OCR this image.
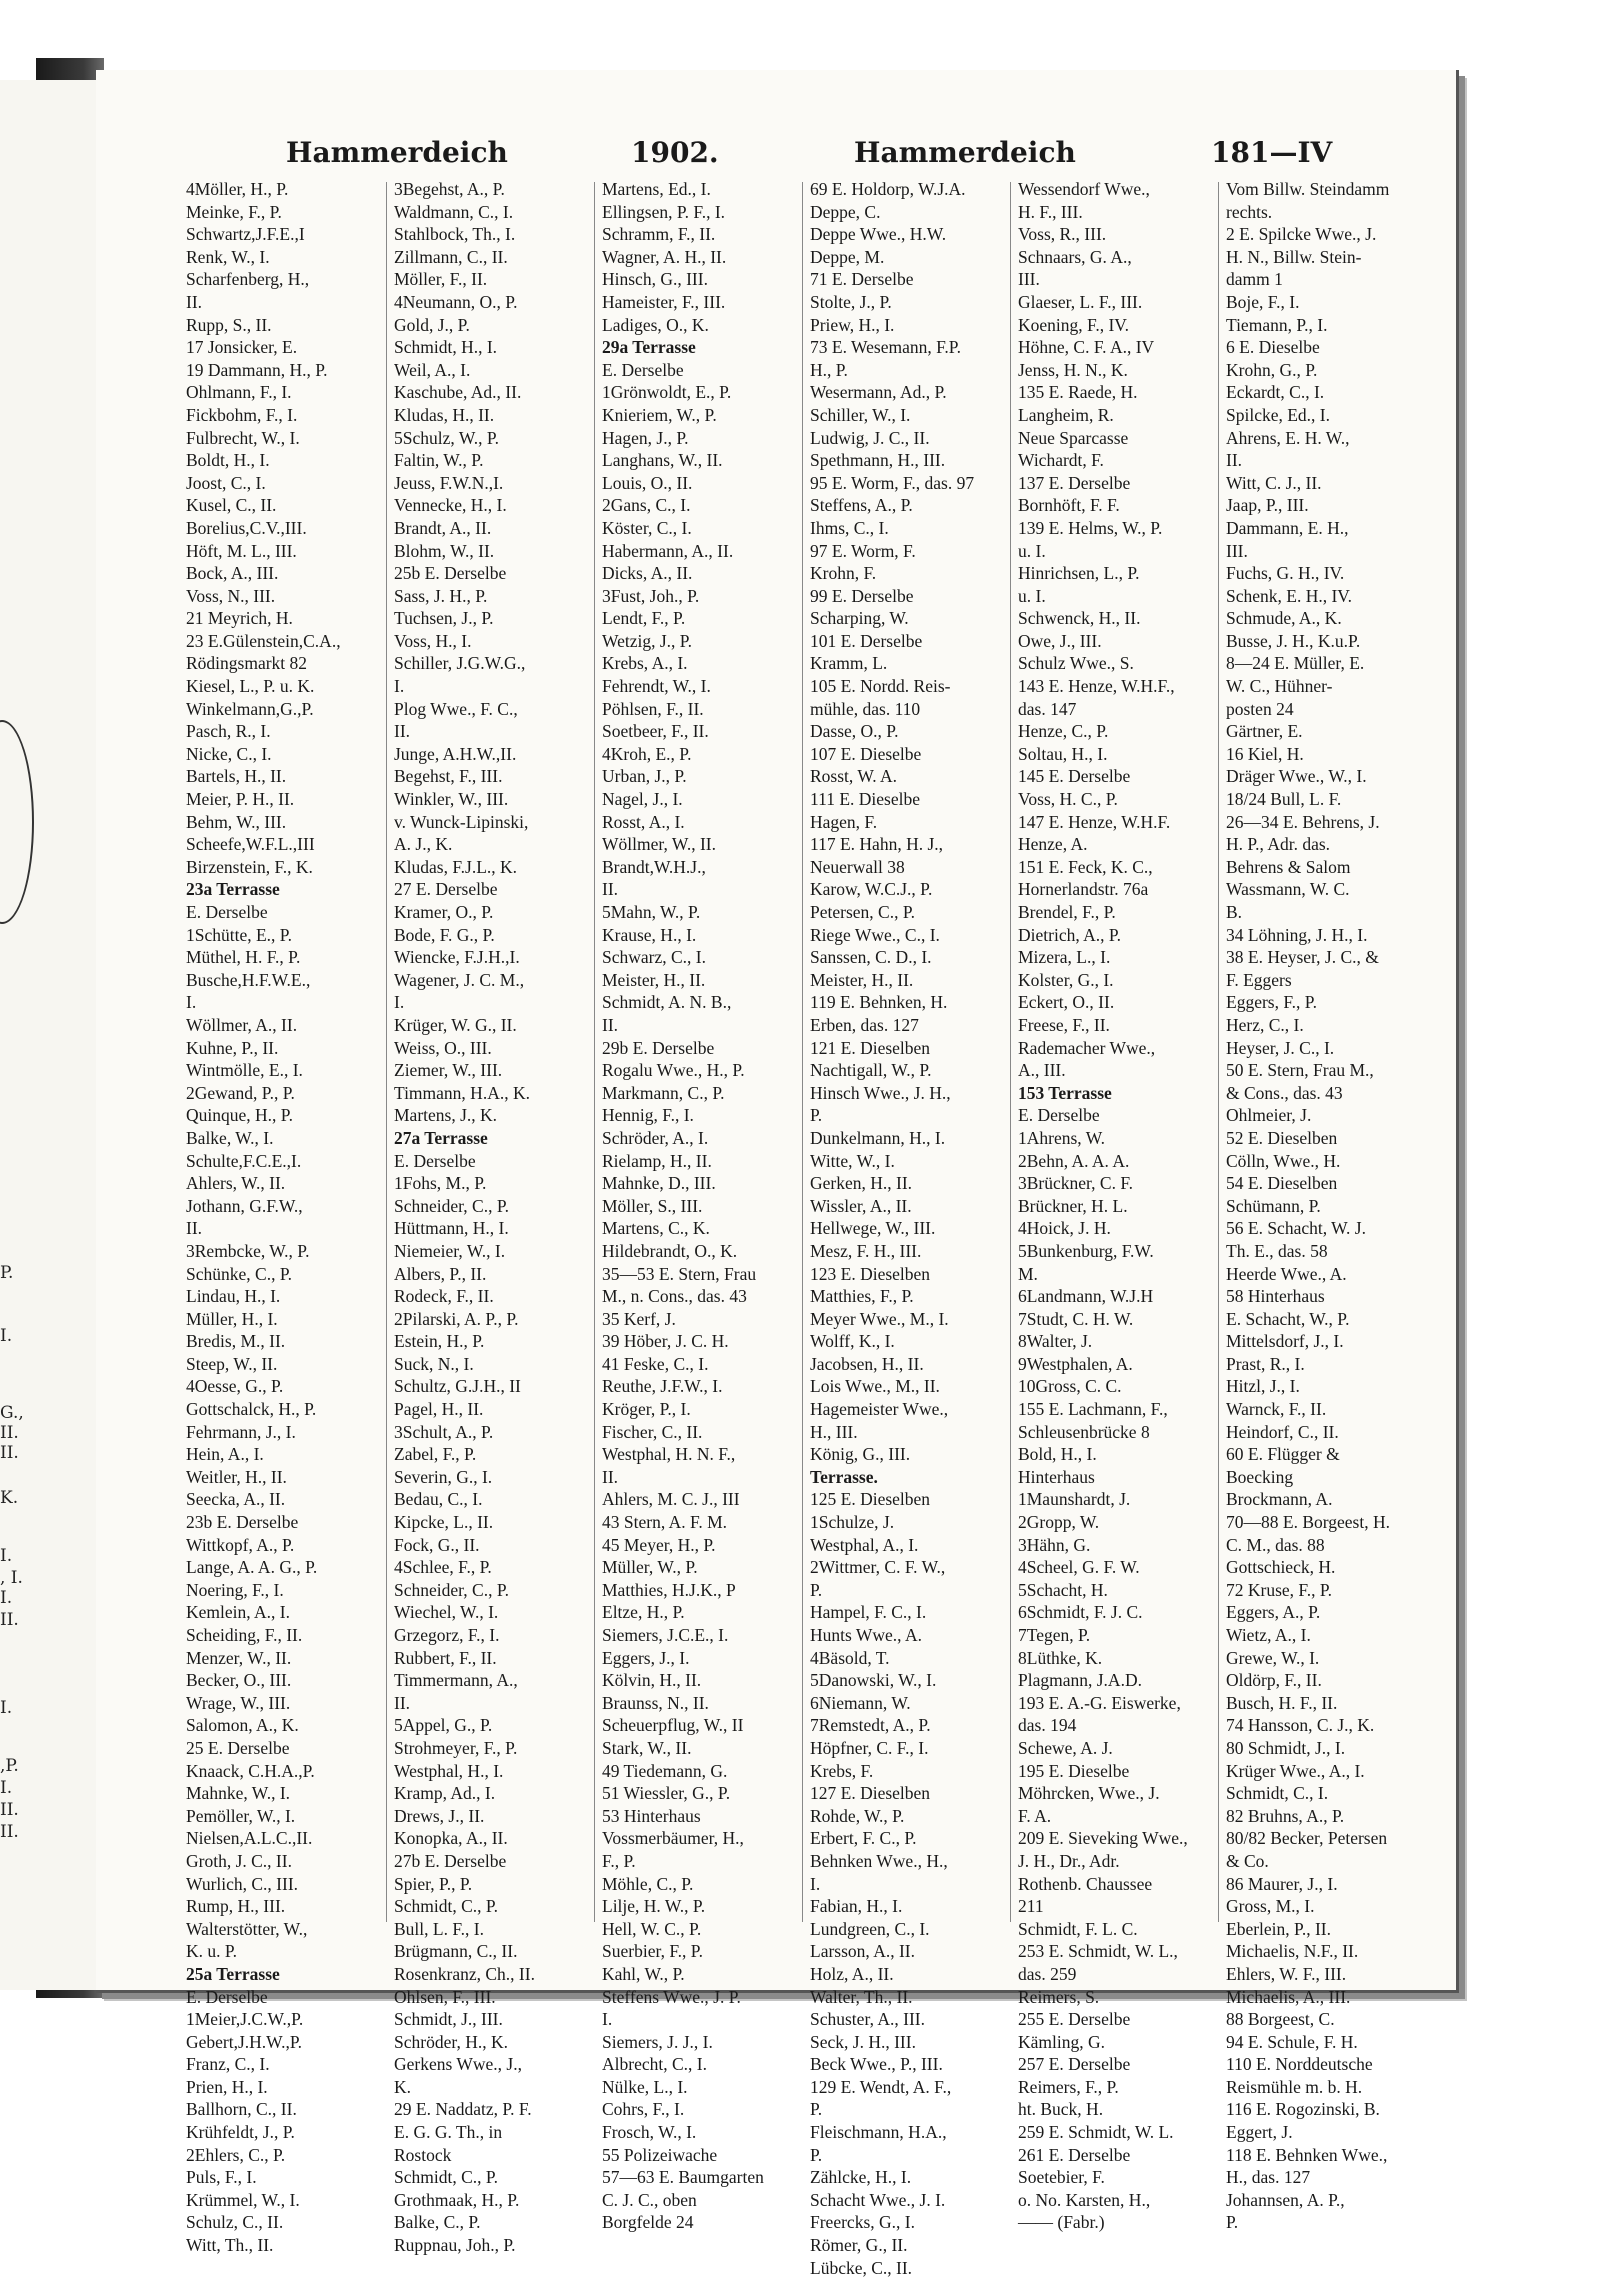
P.
I.
G.,
II.
II.
K.
I.
, I.
I.
II.
I.
,P.
I.
II.
II.
Hammerdeich	1902.	Hammerdeich	181—IV
4Möller, H., P.
Meinke, F., P.
Schwartz,J.F.E.,I
Renk, W., I.
Scharfenberg, H.,
II.
Rupp, S., II.
17 Jonsicker, E.
19 Dammann, H., P.
Ohlmann, F., I.
Fickbohm, F., I.
Fulbrecht, W., I.
Boldt, H., I.
Joost, C., I.
Kusel, C., II.
Borelius,C.V.,III.
Höft, M. L., III.
Bock, A., III.
Voss, N., III.
21 Meyrich, H.
23 E.Gülenstein,C.A.,
Rödingsmarkt 82
Kiesel, L., P. u. K.
Winkelmann,G.,P.
Pasch, R., I.
Nicke, C., I.
Bartels, H., II.
Meier, P. H., II.
Behm, W., III.
Scheefe,W.F.L.,III
Birzenstein, F., K.
23a Terrasse
E. Derselbe
1Schütte, E., P.
Müthel, H. F., P.
Busche,H.F.W.E.,
I.
Wöllmer, A., II.
Kuhne, P., II.
Wintmölle, E., I.
2Gewand, P., P.
Quinque, H., P.
Balke, W., I.
Schulte,F.C.E.,I.
Ahlers, W., II.
Jothann, G.F.W.,
II.
3Rembcke, W., P.
Schünke, C., P.
Lindau, H., I.
Müller, H., I.
Bredis, M., II.
Steep, W., II.
4Oesse, G., P.
Gottschalck, H., P.
Fehrmann, J., I.
Hein, A., I.
Weitler, H., II.
Seecka, A., II.
23b E. Derselbe
Wittkopf, A., P.
Lange, A. A. G., P.
Noering, F., I.
Kemlein, A., I.
Scheiding, F., II.
Menzer, W., II.
Becker, O., III.
Wrage, W., III.
Salomon, A., K.
25 E. Derselbe
Knaack, C.H.A.,P.
Mahnke, W., I.
Pemöller, W., I.
Nielsen,A.L.C.,II.
Groth, J. C., II.
Wurlich, C., III.
Rump, H., III.
Walterstötter, W.,
K. u. P.
25a Terrasse
E. Derselbe
1Meier,J.C.W.,P.
Gebert,J.H.W.,P.
Franz, C., I.
Prien, H., I.
Ballhorn, C., II.
Krühfeldt, J., P.
2Ehlers, C., P.
Puls, F., I.
Krümmel, W., I.
Schulz, C., II.
Witt, Th., II.
3Begehst, A., P.
Waldmann, C., I.
Stahlbock, Th., I.
Zillmann, C., II.
Möller, F., II.
4Neumann, O., P.
Gold, J., P.
Schmidt, H., I.
Weil, A., I.
Kaschube, Ad., II.
Kludas, H., II.
5Schulz, W., P.
Faltin, W., P.
Jeuss, F.W.N.,I.
Vennecke, H., I.
Brandt, A., II.
Blohm, W., II.
25b E. Derselbe
Sass, J. H., P.
Tuchsen, J., P.
Voss, H., I.
Schiller, J.G.W.G.,
I.
Plog Wwe., F. C.,
II.
Junge, A.H.W.,II.
Begehst, F., III.
Winkler, W., III.
v. Wunck-Lipinski,
A. J., K.
Kludas, F.J.L., K.
27 E. Derselbe
Kramer, O., P.
Bode, F. G., P.
Wiencke, F.J.H.,I.
Wagener, J. C. M.,
I.
Krüger, W. G., II.
Weiss, O., III.
Ziemer, W., III.
Timmann, H.A., K.
Martens, J., K.
27a Terrasse
E. Derselbe
1Fohs, M., P.
Schneider, C., P.
Hüttmann, H., I.
Niemeier, W., I.
Albers, P., II.
Rodeck, F., II.
2Pilarski, A. P., P.
Estein, H., P.
Suck, N., I.
Schultz, G.J.H., II
Pagel, H., II.
3Schult, A., P.
Zabel, F., P.
Severin, G., I.
Bedau, C., I.
Kipcke, L., II.
Fock, G., II.
4Schlee, F., P.
Schneider, C., P.
Wiechel, W., I.
Grzegorz, F., I.
Rubbert, F., II.
Timmermann, A.,
II.
5Appel, G., P.
Strohmeyer, F., P.
Westphal, H., I.
Kramp, Ad., I.
Drews, J., II.
Konopka, A., II.
27b E. Derselbe
Spier, P., P.
Schmidt, C., P.
Bull, L. F., I.
Brügmann, C., II.
Rosenkranz, Ch., II.
Ohlsen, F., III.
Schmidt, J., III.
Schröder, H., K.
Gerkens Wwe., J.,
K.
29 E. Naddatz, P. F.
E. G. G. Th., in
Rostock
Schmidt, C., P.
Grothmaak, H., P.
Balke, C., P.
Ruppnau, Joh., P.
Martens, Ed., I.
Ellingsen, P. F., I.
Schramm, F., II.
Wagner, A. H., II.
Hinsch, G., III.
Hameister, F., III.
Ladiges, O., K.
29a Terrasse
E. Derselbe
1Grönwoldt, E., P.
Knieriem, W., P.
Hagen, J., P.
Langhans, W., II.
Louis, O., II.
2Gans, C., I.
Köster, C., I.
Habermann, A., II.
Dicks, A., II.
3Fust, Joh., P.
Lendt, F., P.
Wetzig, J., P.
Krebs, A., I.
Fehrendt, W., I.
Pöhlsen, F., II.
Soetbeer, F., II.
4Kroh, E., P.
Urban, J., P.
Nagel, J., I.
Rosst, A., I.
Wöllmer, W., II.
Brandt,W.H.J.,
II.
5Mahn, W., P.
Krause, H., I.
Schwarz, C., I.
Meister, H., II.
Schmidt, A. N. B.,
II.
29b E. Derselbe
Rogalu Wwe., H., P.
Markmann, C., P.
Hennig, F., I.
Schröder, A., I.
Rielamp, H., II.
Mahnke, D., III.
Möller, S., III.
Martens, C., K.
Hildebrandt, O., K.
35—53 E. Stern, Frau
M., n. Cons., das. 43
35 Kerf, J.
39 Höber, J. C. H.
41 Feske, C., I.
Reuthe, J.F.W., I.
Kröger, P., I.
Fischer, C., II.
Westphal, H. N. F.,
II.
Ahlers, M. C. J., III
43 Stern, A. F. M.
45 Meyer, H., P.
Müller, W., P.
Matthies, H.J.K., P
Eltze, H., P.
Siemers, J.C.E., I.
Eggers, J., I.
Kölvin, H., II.
Braunss, N., II.
Scheuerpflug, W., II
Stark, W., II.
49 Tiedemann, G.
51 Wiessler, G., P.
53 Hinterhaus
Vossmerbäumer, H.,
F., P.
Möhle, C., P.
Lilje, H. W., P.
Hell, W. C., P.
Suerbier, F., P.
Kahl, W., P.
Steffens Wwe., J. P.
I.
Siemers, J. J., I.
Albrecht, C., I.
Nülke, L., I.
Cohrs, F., I.
Frosch, W., I.
55 Polizeiwache
57—63 E. Baumgarten
C. J. C., oben
Borgfelde 24
69 E. Holdorp, W.J.A.
Deppe, C.
Deppe Wwe., H.W.
Deppe, M.
71 E. Derselbe
Stolte, J., P.
Priew, H., I.
73 E. Wesemann, F.P.
H., P.
Wesermann, Ad., P.
Schiller, W., I.
Ludwig, J. C., II.
Spethmann, H., III.
95 E. Worm, F., das. 97
Steffens, A., P.
Ihms, C., I.
97 E. Worm, F.
Krohn, F.
99 E. Derselbe
Scharping, W.
101 E. Derselbe
Kramm, L.
105 E. Nordd. Reis-
mühle, das. 110
Dasse, O., P.
107 E. Dieselbe
Rosst, W. A.
111 E. Dieselbe
Hagen, F.
117 E. Hahn, H. J.,
Neuerwall 38
Karow, W.C.J., P.
Petersen, C., P.
Riege Wwe., C., I.
Sanssen, C. D., I.
Meister, H., II.
119 E. Behnken, H.
Erben, das. 127
121 E. Dieselben
Nachtigall, W., P.
Hinsch Wwe., J. H.,
P.
Dunkelmann, H., I.
Witte, W., I.
Gerken, H., II.
Wissler, A., II.
Hellwege, W., III.
Mesz, F. H., III.
123 E. Dieselben
Matthies, F., P.
Meyer Wwe., M., I.
Wolff, K., I.
Jacobsen, H., II.
Lois Wwe., M., II.
Hagemeister Wwe.,
H., III.
König, G., III.
Terrasse.
125 E. Dieselben
1Schulze, J.
Westphal, A., I.
2Wittmer, C. F. W.,
P.
Hampel, F. C., I.
Hunts Wwe., A.
4Bäsold, T.
5Danowski, W., I.
6Niemann, W.
7Remstedt, A., P.
Höpfner, C. F., I.
Krebs, F.
127 E. Dieselben
Rohde, W., P.
Erbert, F. C., P.
Behnken Wwe., H.,
I.
Fabian, H., I.
Lundgreen, C., I.
Larsson, A., II.
Holz, A., II.
Walter, Th., II.
Schuster, A., III.
Seck, J. H., III.
Beck Wwe., P., III.
129 E. Wendt, A. F.,
P.
Fleischmann, H.A.,
P.
Zählcke, H., I.
Schacht Wwe., J. I.
Freercks, G., I.
Römer, G., II.
Lübcke, C., II.
Wessendorf Wwe.,
H. F., III.
Voss, R., III.
Schnaars, G. A.,
III.
Glaeser, L. F., III.
Koening, F., IV.
Höhne, C. F. A., IV
Jenss, H. N., K.
135 E. Raede, H.
Langheim, R.
Neue Sparcasse
Wichardt, F.
137 E. Derselbe
Bornhöft, F. F.
139 E. Helms, W., P.
u. I.
Hinrichsen, L., P.
u. I.
Schwenck, H., II.
Owe, J., III.
Schulz Wwe., S.
143 E. Henze, W.H.F.,
das. 147
Henze, C., P.
Soltau, H., I.
145 E. Derselbe
Voss, H. C., P.
147 E. Henze, W.H.F.
Henze, A.
151 E. Feck, K. C.,
Hornerlandstr. 76a
Brendel, F., P.
Dietrich, A., P.
Mizera, L., I.
Kolster, G., I.
Eckert, O., II.
Freese, F., II.
Rademacher Wwe.,
A., III.
153 Terrasse
E. Derselbe
1Ahrens, W.
2Behn, A. A. A.
3Brückner, C. F.
Brückner, H. L.
4Hoick, J. H.
5Bunkenburg, F.W.
M.
6Landmann, W.J.H
7Studt, C. H. W.
8Walter, J.
9Westphalen, A.
10Gross, C. C.
155 E. Lachmann, F.,
Schleusenbrücke 8
Bold, H., I.
Hinterhaus
1Maunshardt, J.
2Gropp, W.
3Hähn, G.
4Scheel, G. F. W.
5Schacht, H.
6Schmidt, F. J. C.
7Tegen, P.
8Lüthke, K.
Plagmann, J.A.D.
193 E. A.-G. Eiswerke,
das. 194
Schewe, A. J.
195 E. Dieselbe
Möhrcken, Wwe., J.
F. A.
209 E. Sieveking Wwe.,
J. H., Dr., Adr.
Rothenb. Chaussee
211
Schmidt, F. L. C.
253 E. Schmidt, W. L.,
das. 259
Reimers, S.
255 E. Derselbe
Kämling, G.
257 E. Derselbe
Reimers, F., P.
ht. Buck, H.
259 E. Schmidt, W. L.
261 E. Derselbe
Soetebier, F.
o. No. Karsten, H.,
—— (Fabr.)
Vom Billw. Steindamm
rechts.
2 E. Spilcke Wwe., J.
H. N., Billw. Stein-
damm 1
Boje, F., I.
Tiemann, P., I.
6 E. Dieselbe
Krohn, G., P.
Eckardt, C., I.
Spilcke, Ed., I.
Ahrens, E. H. W.,
II.
Witt, C. J., II.
Jaap, P., III.
Dammann, E. H.,
III.
Fuchs, G. H., IV.
Schenk, E. H., IV.
Schmude, A., K.
Busse, J. H., K.u.P.
8—24 E. Müller, E.
W. C., Hühner-
posten 24
Gärtner, E.
16 Kiel, H.
Dräger Wwe., W., I.
18/24 Bull, L. F.
26—34 E. Behrens, J.
H. P., Adr. das.
Behrens & Salom
Wassmann, W. C.
B.
34 Löhning, J. H., I.
38 E. Heyser, J. C., &
F. Eggers
Eggers, F., P.
Herz, C., I.
Heyser, J. C., I.
50 E. Stern, Frau M.,
& Cons., das. 43
Ohlmeier, J.
52 E. Dieselben
Cölln, Wwe., H.
54 E. Dieselben
Schümann, P.
56 E. Schacht, W. J.
Th. E., das. 58
Heerde Wwe., A.
58 Hinterhaus
E. Schacht, W., P.
Mittelsdorf, J., I.
Prast, R., I.
Hitzl, J., I.
Warnck, F., II.
Heindorf, C., II.
60 E. Flügger &
Boecking
Brockmann, A.
70—88 E. Borgeest, H.
C. M., das. 88
Gottschieck, H.
72 Kruse, F., P.
Eggers, A., P.
Wietz, A., I.
Grewe, W., I.
Oldörp, F., II.
Busch, H. F., II.
74 Hansson, C. J., K.
80 Schmidt, J., I.
Krüger Wwe., A., I.
Schmidt, C., I.
82 Bruhns, A., P.
80/82 Becker, Petersen
& Co.
86 Maurer, J., I.
Gross, M., I.
Eberlein, P., II.
Michaelis, N.F., II.
Ehlers, W. F., III.
Michaelis, A., III.
88 Borgeest, C.
94 E. Schule, F. H.
110 E. Norddeutsche
Reismühle m. b. H.
116 E. Rogozinski, B.
Eggert, J.
118 E. Behnken Wwe.,
H., das. 127
Johannsen, A. P.,
P.
